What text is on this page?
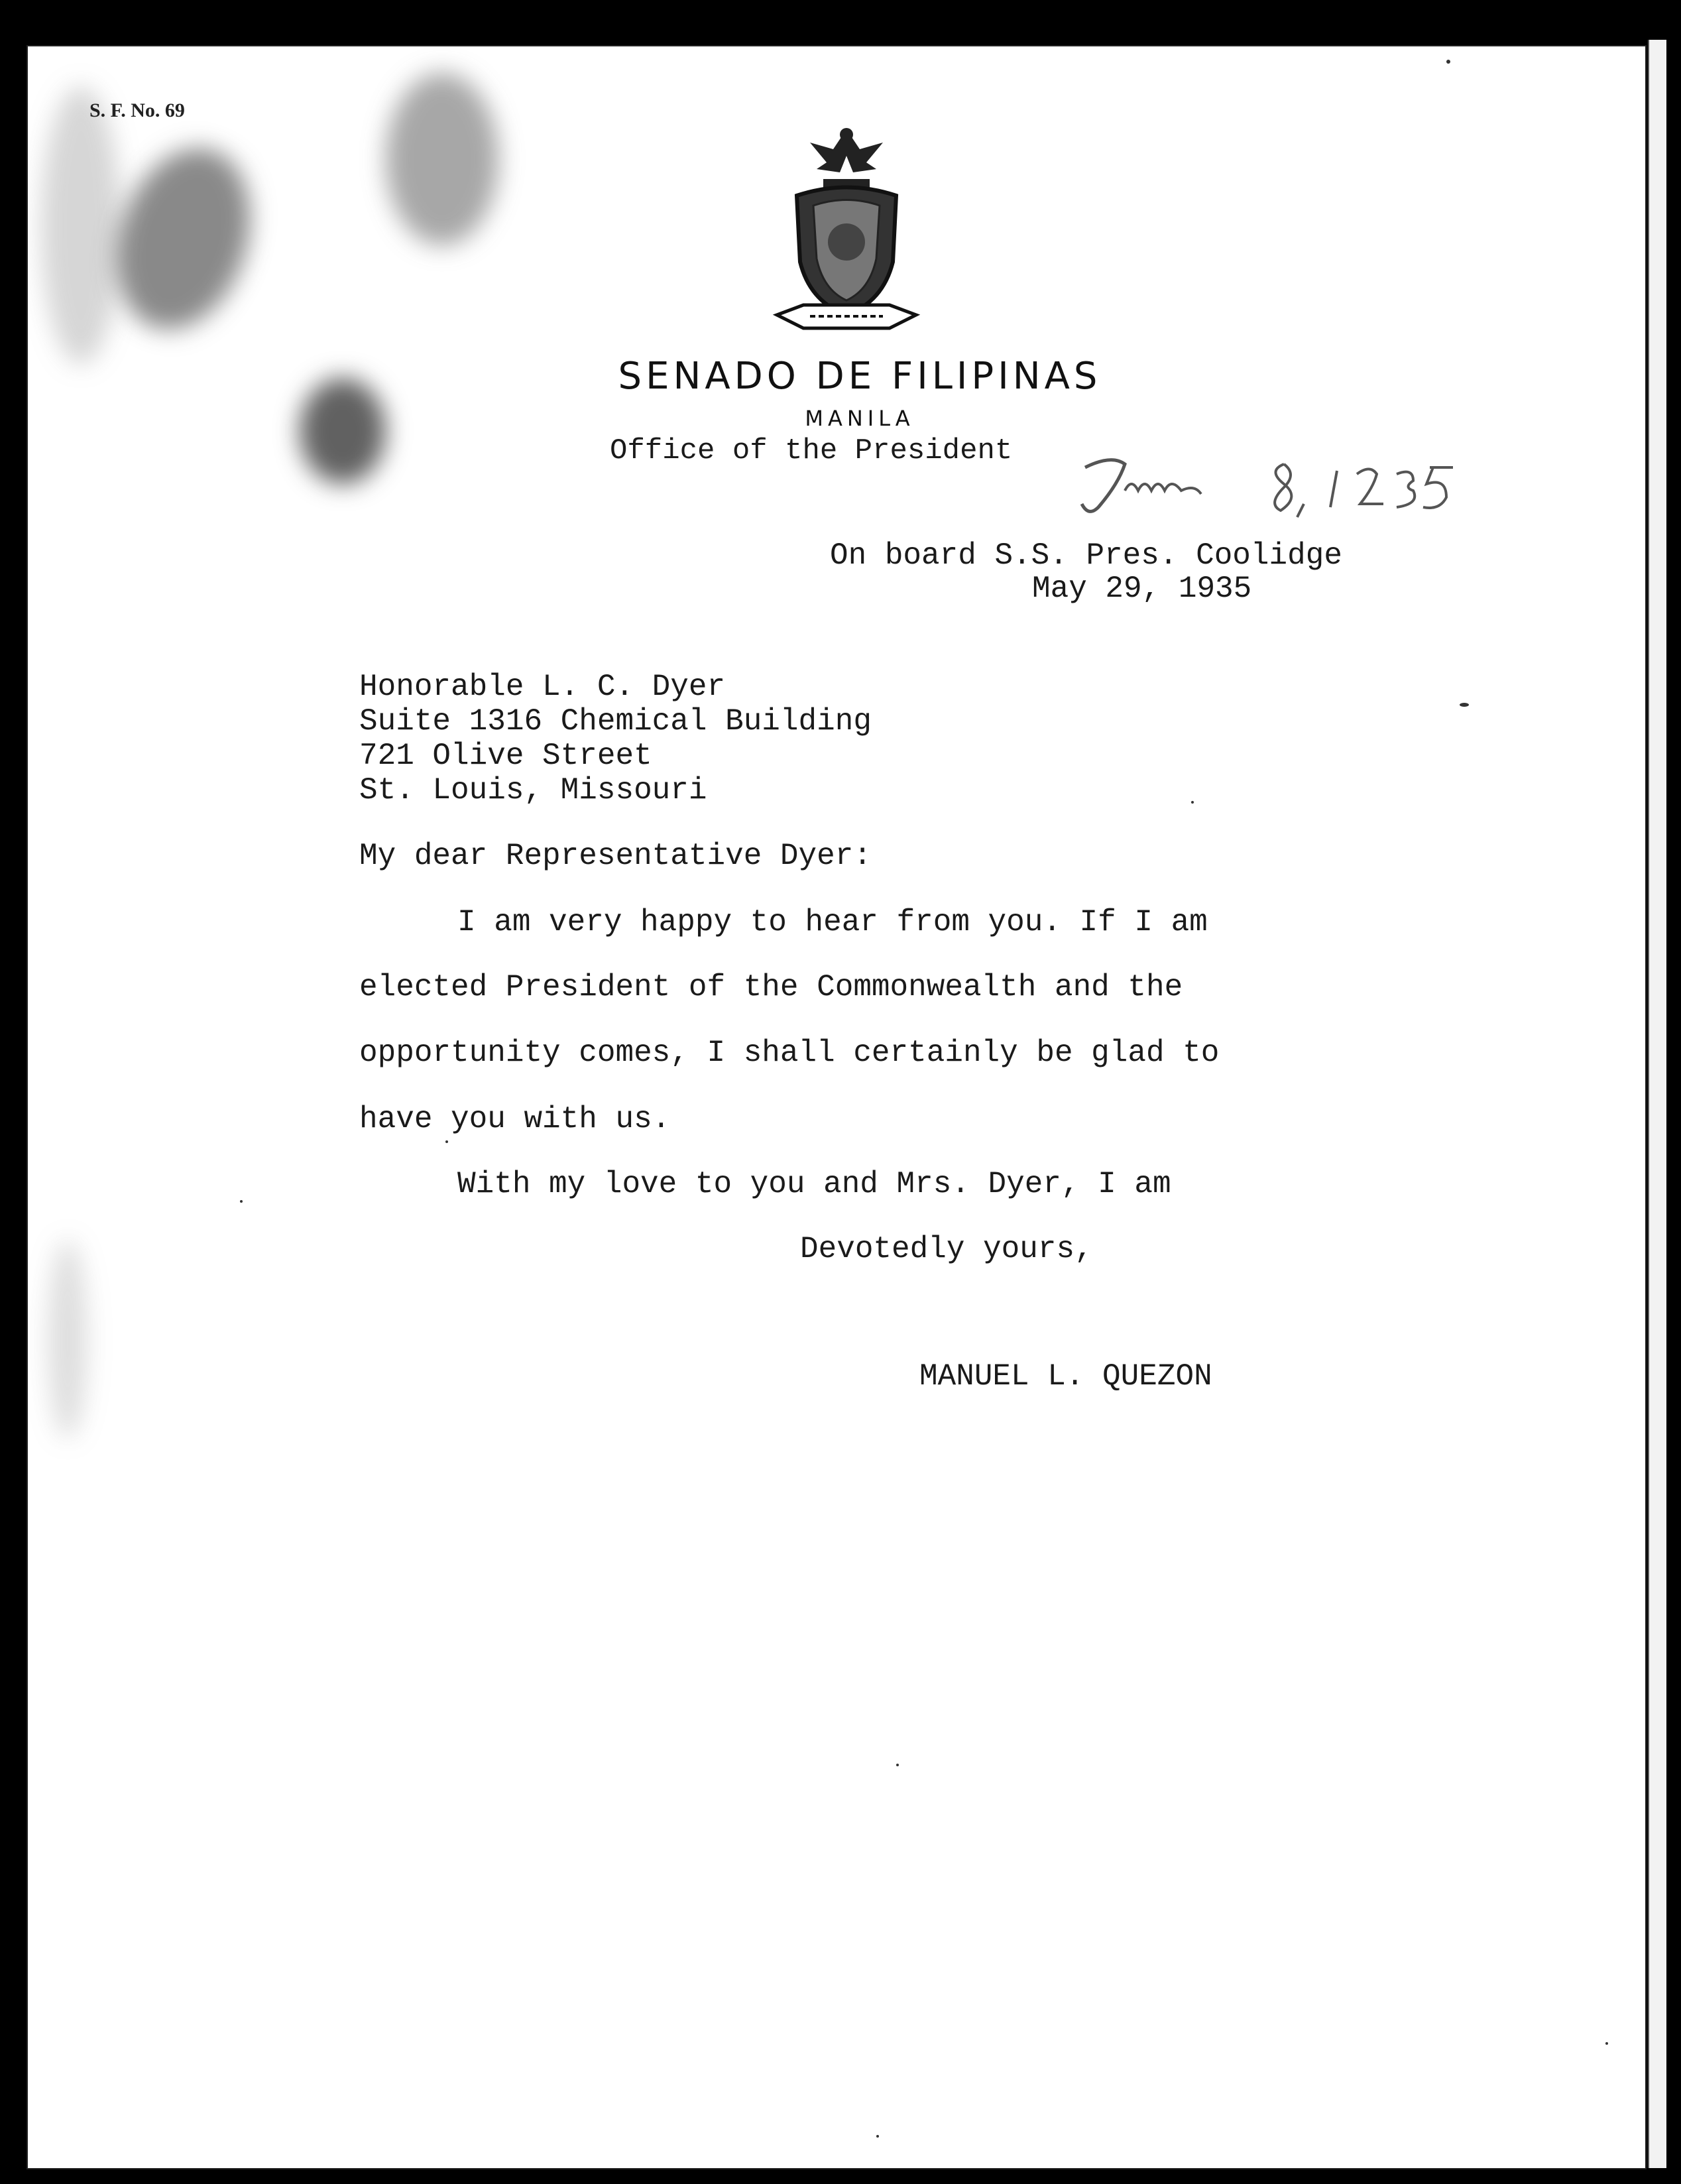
S. F. No. 69
SENADO DE FILIPINAS
MANILA
Office of the President
On board S.S. Pres. Coolidge
May 29, 1935
Honorable L. C. Dyer
Suite 1316 Chemical Building
721 Olive Street
St. Louis, Missouri
My dear Representative Dyer:
I am very happy to hear from you. If I am
elected President of the Commonwealth and the
opportunity comes, I shall certainly be glad to
have you with us.
With my love to you and Mrs. Dyer, I am
Devotedly yours,
MANUEL L. QUEZON
